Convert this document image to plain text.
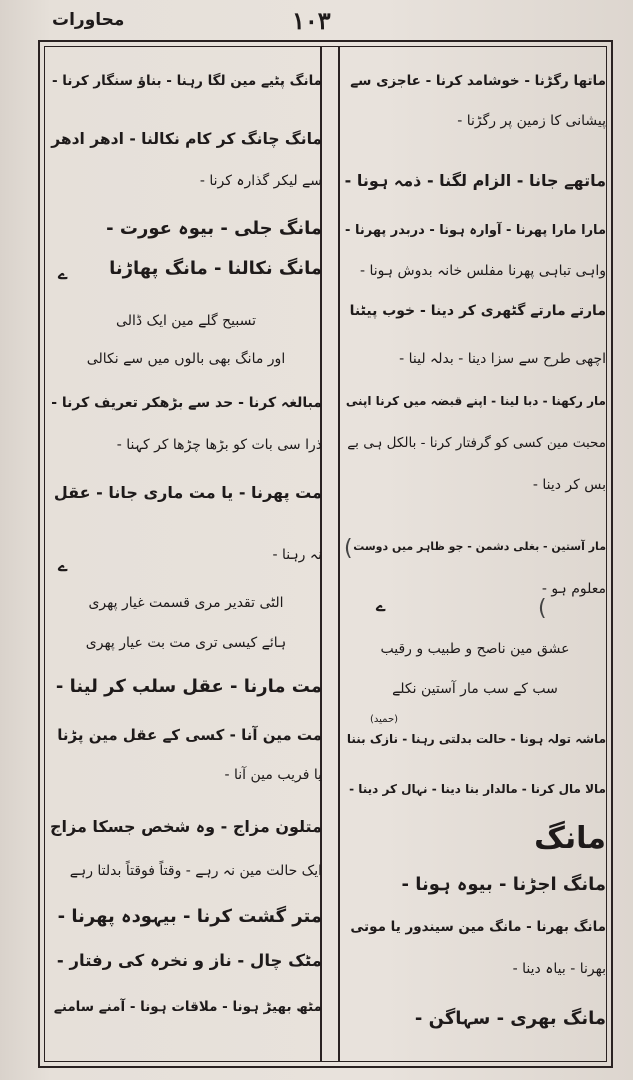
محاورات	۱۰۳
ماتھا رگڑنا - خوشامد کرنا - عاجزی سے
پیشانی کا زمین پر رگڑنا -
ماتھے جانا - الزام لگنا - ذمہ ہونا -
مارا مارا پھرنا - آوارہ ہونا - دربدر پھرنا -
واہی تباہی پھرنا مفلس خانہ بدوش ہونا -
مارتے مارتے گٹھری کر دینا - خوب پیٹنا
اچھی طرح سے سزا دینا - بدلہ لینا -
مار رکھنا - دبا لینا - اپنے قبضہ میں کرنا اپنی
محبت مین کسی کو گرفتار کرنا - بالکل ہی بے
بس کر دینا -
مار آستین - بغلی دشمن - جو ظاہر میں دوست
معلوم ہو -
ے
عشق مین ناصح و طبیب و رقیب
سب کے سب مار آستین نکلے
(حمید)
ماشہ تولہ ہونا - حالت بدلتی رہنا - نازک بننا
مالا مال کرنا - مالدار بنا دینا - نہال کر دینا -
مانگ
مانگ اجڑنا - بیوہ ہونا -
مانگ بھرنا - مانگ مین سیندور یا موتی
بھرنا - بیاہ دینا -
مانگ بھری - سہاگن -
مانگ پٹیے مین لگا رہنا - بناؤ سنگار کرنا -
مانگ چانگ کر کام نکالنا - ادھر ادھر
سے لیکر گذارہ کرنا -
مانگ جلی - بیوہ عورت -
مانگ نکالنا - مانگ پھاڑنا
ے
تسبیح گلے مین ایک ڈالی
اور مانگ بھی بالوں میں سے نکالی
مبالغہ کرنا - حد سے بڑھکر تعریف کرنا -
ذرا سی بات کو بڑھا چڑھا کر کہنا -
مت پھرنا - یا مت ماری جانا - عقل
نہ رہنا -
ے
الٹی تقدیر مری قسمت غیار پھری
ہائے کیسی تری مت بت عیار پھری
مت مارنا - عقل سلب کر لینا -
مت مین آنا - کسی کے عقل مین پڑنا
یا فریب مین آنا -
متلون مزاج - وہ شخص جسکا مزاج
ایک حالت مین نہ رہے - وقتاً فوقتاً بدلتا رہے
متر گشت کرنا - بیہودہ پھرنا -
مٹک چال - ناز و نخرہ کی رفتار -
مٹھ بھیڑ ہونا - ملاقات ہونا - آمنے سامنے
(
(
